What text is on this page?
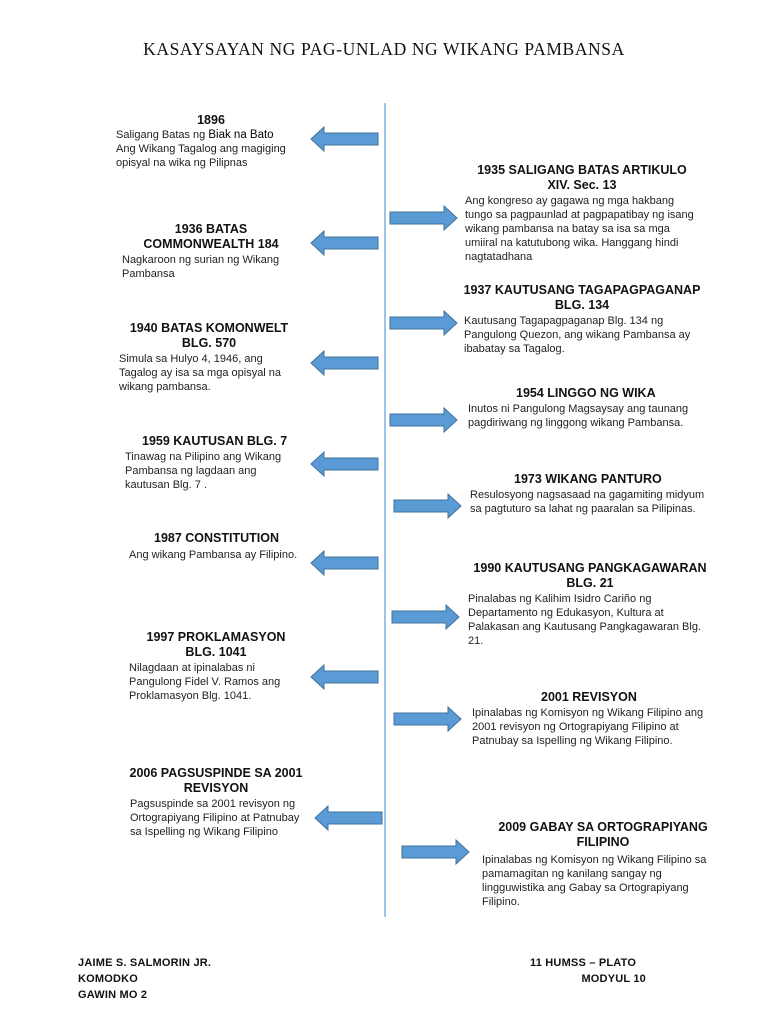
KASAYSAYAN NG PAG-UNLAD NG WIKANG PAMBANSA
1896
Saligang Batas ng Biak na Bato
Ang Wikang Tagalog ang magiging opisyal na wika ng Pilipnas
1936 BATAS COMMONWEALTH 184
Nagkaroon ng surian ng Wikang Pambansa
1940 BATAS KOMONWELT BLG. 570
Simula sa Hulyo 4, 1946, ang Tagalog ay isa sa mga opisyal na wikang pambansa.
1959 KAUTUSAN BLG. 7
Tinawag na Pilipino ang Wikang Pambansa ng lagdaan ang kautusan Blg. 7 .
1987 CONSTITUTION
Ang wikang Pambansa ay Filipino.
1997 PROKLAMASYON BLG. 1041
Nilagdaan at ipinalabas ni Pangulong Fidel V. Ramos ang Proklamasyon Blg. 1041.
2006 PAGSUSPINDE SA 2001 REVISYON
Pagsuspinde sa 2001 revisyon ng Ortograpiyang Filipino at Patnubay sa Ispelling ng Wikang Filipino
1935 SALIGANG BATAS ARTIKULO XIV. Sec. 13
Ang kongreso ay gagawa ng mga hakbang tungo sa pagpaunlad at pagpapatibay ng isang wikang pambansa na batay sa isa sa mga umiiral na katutubong wika. Hanggang hindi nagtatadhana
1937 KAUTUSANG TAGAPAGPAGANAP BLG. 134
Kautusang Tagapagpaganap Blg. 134 ng Pangulong Quezon, ang wikang Pambansa ay ibabatay sa Tagalog.
1954 LINGGO NG WIKA
Inutos ni Pangulong Magsaysay ang taunang pagdiriwang ng linggong wikang Pambansa.
1973 WIKANG PANTURO
Resulosyong nagsasaad na gagamiting midyum sa pagtuturo sa lahat ng paaralan sa Pilipinas.
1990 KAUTUSANG PANGKAGAWARAN BLG. 21
Pinalabas ng Kalihim Isidro Cariño ng Departamento ng Edukasyon, Kultura at Palakasan ang Kautusang Pangkagawaran Blg. 21.
2001 REVISYON
Ipinalabas ng Komisyon ng Wikang Filipino ang 2001 revisyon ng Ortograpiyang Filipino at Patnubay sa Ispelling ng Wikang Filipino.
2009 GABAY SA ORTOGRAPIYANG FILIPINO
Ipinalabas ng Komisyon ng Wikang Filipino sa pamamagitan ng kanilang sangay ng lingguwistika ang Gabay sa Ortograpiyang Filipino.
JAIME S. SALMORIN JR.
KOMODKO
GAWIN MO 2
11 HUMSS – PLATO
MODYUL 10
